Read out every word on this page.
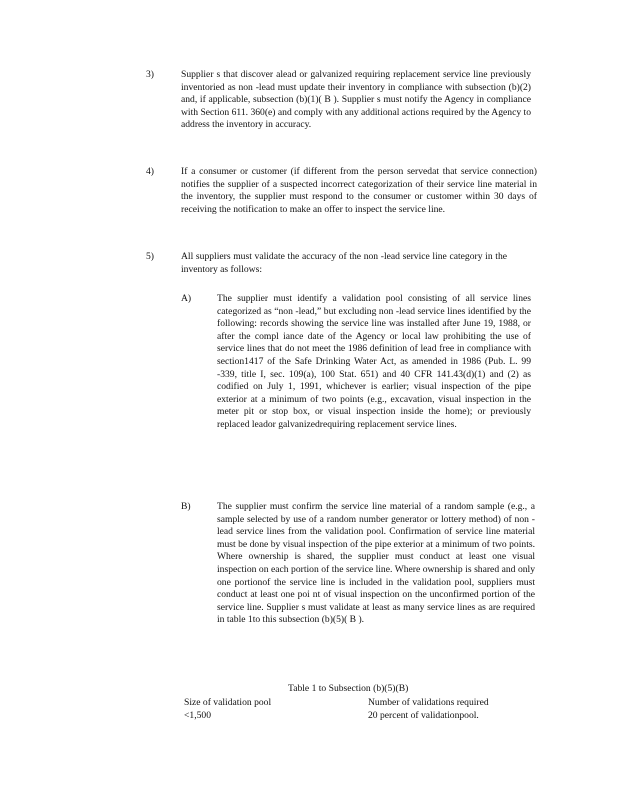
3)	Supplier s that discover alead or galvanized requiring replacement service line previously inventoried as non -lead must update their inventory in compliance with subsection (b)(2) and, if applicable, subsection (b)(1)( B ). Supplier s must notify the Agency in compliance with Section 611. 360(e) and comply with any additional actions required by the Agency to address the inventory in accuracy.
4)	If a consumer or customer (if different from the person servedat that service connection) notifies the supplier of a suspected incorrect categorization of their service line material in the inventory, the supplier must respond to the consumer or customer within 30 days of receiving the notification to make an offer to inspect the service line.
5)	All suppliers must validate the accuracy of the non -lead service line category in the inventory as follows:
A)	The supplier must identify a validation pool consisting of all service lines categorized as “non -lead,” but excluding non -lead service lines identified by the following: records showing the service line was installed after June 19, 1988, or after the compl iance date of the Agency or local law prohibiting the use of service lines that do not meet the 1986 definition of lead free in compliance with section1417 of the Safe Drinking Water Act, as amended in 1986 (Pub. L. 99 -339, title I, sec. 109(a), 100 Stat. 651) and 40 CFR 141.43(d)(1) and (2) as codified on July 1, 1991, whichever is earlier; visual inspection of the pipe exterior at a minimum of two points (e.g., excavation, visual inspection in the meter pit or stop box, or visual inspection inside the home); or previously replaced leador galvanizedrequiring replacement service lines.
B)	The supplier must confirm the service line material of a random sample (e.g., a sample selected by use of a random number generator or lottery method) of non -lead service lines from the validation pool. Confirmation of service line material must be done by visual inspection of the pipe exterior at a minimum of two points. Where ownership is shared, the supplier must conduct at least one visual inspection on each portion of the service line. Where ownership is shared and only one portionof the service line is included in the validation pool, suppliers must conduct at least one poi nt of visual inspection on the unconfirmed portion of the service line. Supplier s must validate at least as many service lines as are required in table 1to this subsection (b)(5)( B ).
Table 1 to Subsection (b)(5)(B)
Size of validation pool	Number of validations required
<1,500	20 percent of validationpool.
